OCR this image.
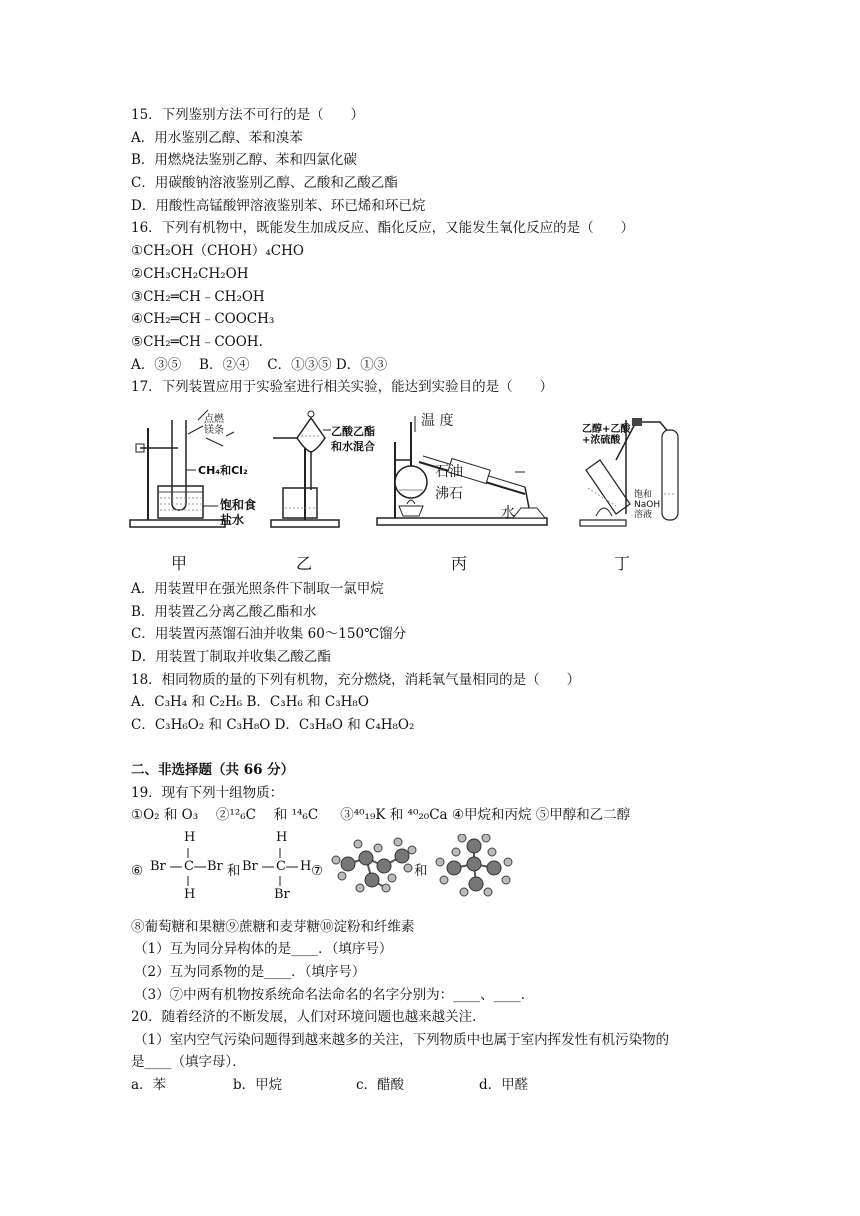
15．下列鉴别方法不可行的是（　　）
A．用水鉴别乙醇、苯和溴苯
B．用燃烧法鉴别乙醇、苯和四氯化碳
C．用碳酸钠溶液鉴别乙醇、乙酸和乙酸乙酯
D．用酸性高锰酸钾溶液鉴别苯、环已烯和环已烷
16．下列有机物中，既能发生加成反应、酯化反应，又能发生氧化反应的是（　　）
①CH₂OH（CHOH）₄CHO
②CH₃CH₂CH₂OH
③CH₂═CH﹣CH₂OH
④CH₂═CH﹣COOCH₃
⑤CH₂═CH﹣COOH.
A．③⑤　 B．②④　 C．①③⑤ D．①③
17．下列装置应用于实验室进行相关实验，能达到实验目的是（　　）
点燃镁条
CH₄和Cl₂
饱和食盐水
乙酸乙酯和水混合
温 度
石油
沸石
水
乙醇+乙酸+浓硫酸
饱和NaOH溶液
甲	乙	丙	丁
A．用装置甲在强光照条件下制取一氯甲烷
B．用装置乙分离乙酸乙酯和水
C．用装置丙蒸馏石油并收集 60～150℃馏分
D．用装置丁制取并收集乙酸乙酯
18．相同物质的量的下列有机物，充分燃烧，消耗氧气量相同的是（　　）
A．C₃H₄ 和 C₂H₆ B．C₃H₆ 和 C₃H₈O
C．C₃H₆O₂ 和 C₃H₈O D．C₃H₈O 和 C₄H₈O₂
二、非选择题（共 66 分）
19．现有下列十组物质：
①O₂ 和 O₃ 　②¹²₆C 　和 ¹⁴₆C 　 ③⁴⁰₁₉K 和 ⁴⁰₂₀Ca ④甲烷和丙烷 ⑤甲醇和乙二醇
⑥
H
Br C Br
H
和
H
Br C H
Br
⑦	和
⑧葡萄糖和果糖⑨蔗糖和麦芽糖⑩淀粉和纤维素
（1）互为同分异构体的是____．（填序号）
（2）互为同系物的是____．（填序号）
（3）⑦中两有机物按系统命名法命名的名字分别为：____、____.
20．随着经济的不断发展，人们对环境问题也越来越关注．
（1）室内空气污染问题得到越来越多的关注，下列物质中也属于室内挥发性有机污染物的
是____（填字母）．
a．苯	b．甲烷	c．醋酸	d．甲醛
